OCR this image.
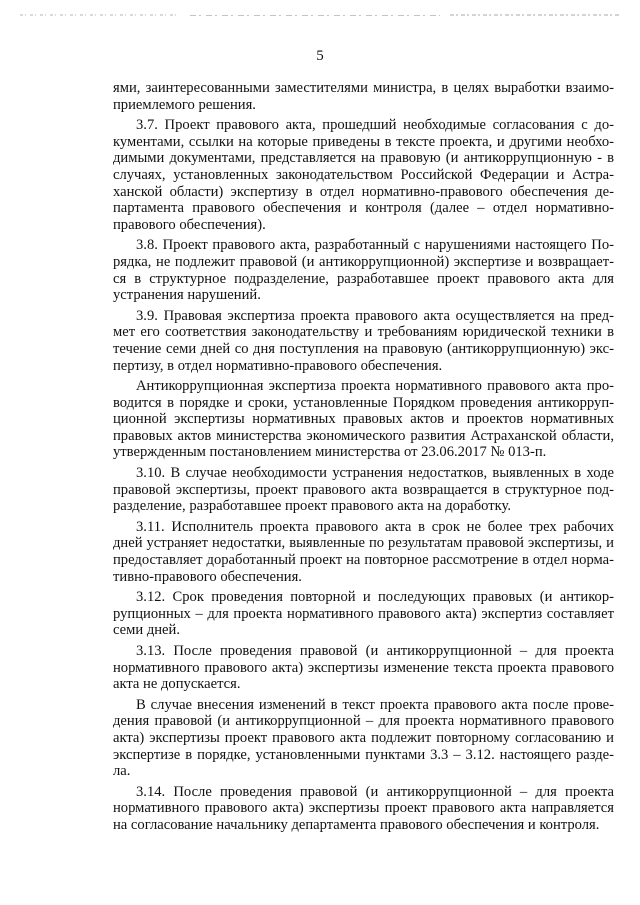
5
ями, заинтересованными заместителями министра, в целях выработки взаимо-
приемлемого решения.
3.7. Проект правового акта, прошедший необходимые согласования с до-
кументами, ссылки на которые приведены в тексте проекта, и другими необхо-
димыми документами, представляется на правовую (и антикоррупционную - в
случаях, установленных законодательством Российской Федерации и Астра-
ханской области) экспертизу в отдел нормативно-правового обеспечения де-
партамента правового обеспечения и контроля (далее – отдел нормативно-
правового обеспечения).
3.8. Проект правового акта, разработанный с нарушениями настоящего По-
рядка, не подлежит правовой (и антикоррупционной) экспертизе и возвращает-
ся в структурное подразделение, разработавшее проект правового акта для
устранения нарушений.
3.9. Правовая экспертиза проекта правового акта осуществляется на пред-
мет его соответствия законодательству и требованиям юридической техники в
течение семи дней со дня поступления на правовую (антикоррупционную) экс-
пертизу, в отдел нормативно-правового обеспечения.
Антикоррупционная экспертиза проекта нормативного правового акта про-
водится в порядке и сроки, установленные Порядком проведения антикорруп-
ционной экспертизы нормативных правовых актов и проектов нормативных
правовых актов министерства экономического развития Астраханской области,
утвержденным постановлением министерства от 23.06.2017 № 013-п.
3.10. В случае необходимости устранения недостатков, выявленных в ходе
правовой экспертизы, проект правового акта возвращается в структурное под-
разделение, разработавшее проект правового акта на доработку.
3.11. Исполнитель проекта правового акта в срок не более трех рабочих
дней устраняет недостатки, выявленные по результатам правовой экспертизы, и
предоставляет доработанный проект на повторное рассмотрение в отдел норма-
тивно-правового обеспечения.
3.12. Срок проведения повторной и последующих правовых (и антикор-
рупционных – для проекта нормативного правового акта) экспертиз составляет
семи дней.
3.13. После проведения правовой (и антикоррупционной – для проекта
нормативного правового акта) экспертизы изменение текста проекта правового
акта не допускается.
В случае внесения изменений в текст проекта правового акта после прове-
дения правовой (и антикоррупционной – для проекта нормативного правового
акта) экспертизы проект правового акта подлежит повторному согласованию и
экспертизе в порядке, установленными пунктами 3.3 – 3.12. настоящего разде-
ла.
3.14. После проведения правовой (и антикоррупционной – для проекта
нормативного правового акта) экспертизы проект правового акта направляется
на согласование начальнику департамента правового обеспечения и контроля.
